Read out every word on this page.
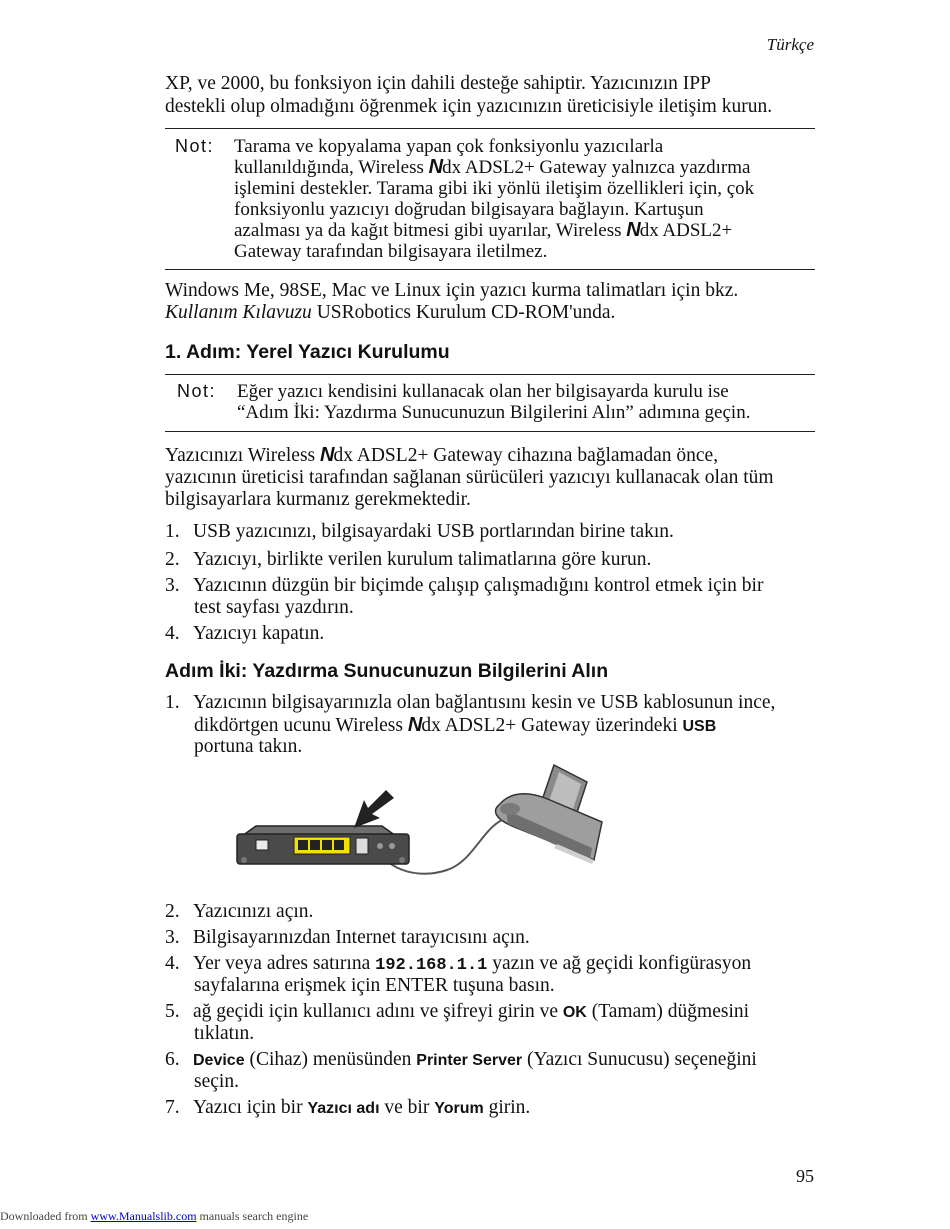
Türkçe
XP, ve 2000, bu fonksiyon için dahili desteğe sahiptir. Yazıcınızın IPP
destekli olup olmadığını öğrenmek için yazıcınızın üreticisiyle iletişim kurun.
Not: Tarama ve kopyalama yapan çok fonksiyonlu yazıcılarla
kullanıldığında, Wireless Ndx ADSL2+ Gateway yalnızca yazdırma
işlemini destekler. Tarama gibi iki yönlü iletişim özellikleri için, çok
fonksiyonlu yazıcıyı doğrudan bilgisayara bağlayın. Kartuşun
azalması ya da kağıt bitmesi gibi uyarılar, Wireless Ndx ADSL2+
Gateway tarafından bilgisayara iletilmez.
Windows Me, 98SE, Mac ve Linux için yazıcı kurma talimatları için bkz.
Kullanım Kılavuzu USRobotics Kurulum CD-ROM'unda.
1. Adım: Yerel Yazıcı Kurulumu
Not: Eğer yazıcı kendisini kullanacak olan her bilgisayarda kurulu ise
“Adım İki: Yazdırma Sunucunuzun Bilgilerini Alın” adımına geçin.
Yazıcınızı Wireless Ndx ADSL2+ Gateway cihazına bağlamadan önce,
yazıcının üreticisi tarafından sağlanan sürücüleri yazıcıyı kullanacak olan tüm
bilgisayarlara kurmanız gerekmektedir.
1. USB yazıcınızı, bilgisayardaki USB portlarından birine takın.
2. Yazıcıyı, birlikte verilen kurulum talimatlarına göre kurun.
3. Yazıcının düzgün bir biçimde çalışıp çalışmadığını kontrol etmek için bir
test sayfası yazdırın.
4. Yazıcıyı kapatın.
Adım İki: Yazdırma Sunucunuzun Bilgilerini Alın
1. Yazıcının bilgisayarınızla olan bağlantısını kesin ve USB kablosunun ince,
dikdörtgen ucunu Wireless Ndx ADSL2+ Gateway üzerindeki USB
portuna takın.
2. Yazıcınızı açın.
3. Bilgisayarınızdan Internet tarayıcısını açın.
4. Yer veya adres satırına 192.168.1.1 yazın ve ağ geçidi konfigürasyon
sayfalarına erişmek için ENTER tuşuna basın.
5. ağ geçidi için kullanıcı adını ve şifreyi girin ve OK (Tamam) düğmesini
tıklatın.
6. Device (Cihaz) menüsünden Printer Server (Yazıcı Sunucusu) seçeneğini
seçin.
7. Yazıcı için bir Yazıcı adı ve bir Yorum girin.
95
Downloaded from www.Manualslib.com manuals search engine
